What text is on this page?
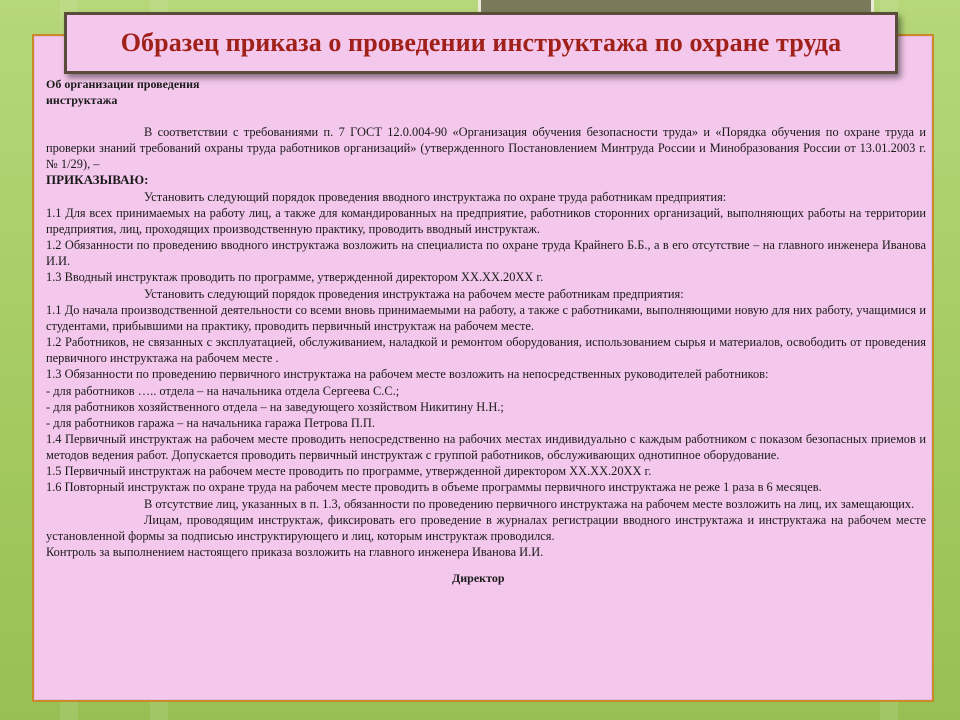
Об организации проведения
инструктажа

В соответствии с требованиями п. 7 ГОСТ 12.0.004-90 «Организация обучения безопасности труда» и «Порядка обучения по охране труда и проверки знаний требований охраны труда работников организаций» (утвержденного Постановлением Минтруда России и Минобразования России от 13.01.2003 г. № 1/29), –

ПРИКАЗЫВАЮ:

Установить следующий порядок проведения вводного инструктажа по охране труда работникам предприятия:

1.1 Для всех принимаемых на работу лиц, а также для командированных на предприятие, работников сторонних организаций, выполняющих работы на территории предприятия, лиц, проходящих производственную практику, проводить вводный инструктаж.

1.2 Обязанности по проведению вводного инструктажа возложить на специалиста по охране труда Крайнего Б.Б., а в его отсутствие – на главного инженера Иванова И.И.

1.3 Вводный инструктаж проводить по программе, утвержденной директором ХХ.ХХ.20ХХ г.

Установить следующий порядок проведения инструктажа на рабочем месте работникам предприятия:

1.1 До начала производственной деятельности со всеми вновь принимаемыми на работу, а также с работниками, выполняющими новую для них работу, учащимися и студентами, прибывшими на практику, проводить первичный инструктаж на рабочем месте.

1.2 Работников, не связанных с эксплуатацией, обслуживанием, наладкой и ремонтом оборудования, использованием сырья и материалов, освободить от проведения первичного инструктажа на рабочем месте .

1.3 Обязанности по проведению первичного инструктажа на рабочем месте возложить на непосредственных руководителей работников:

- для работников ….. отдела – на начальника отдела Сергеева С.С.;

- для работников хозяйственного отдела – на заведующего хозяйством Никитину Н.Н.;

- для работников гаража – на начальника гаража Петрова П.П.

1.4 Первичный инструктаж на рабочем месте проводить непосредственно на рабочих местах индивидуально с каждым работником с показом безопасных приемов и методов ведения работ. Допускается проводить первичный инструктаж с группой работников, обслуживающих однотипное оборудование.

1.5 Первичный инструктаж на рабочем месте проводить по программе, утвержденной директором ХХ.ХХ.20ХХ г.

1.6 Повторный инструктаж по охране труда на рабочем месте проводить в объеме программы первичного инструктажа не реже 1 раза в 6 месяцев.

В отсутствие лиц, указанных в п. 1.3, обязанности по проведению первичного инструктажа на рабочем месте возложить на лиц, их замещающих.

Лицам, проводящим инструктаж, фиксировать его проведение в журналах регистрации вводного инструктажа и инструктажа на рабочем месте установленной формы за подписью инструктирующего и лиц, которым инструктаж проводился.

Контроль за выполнением настоящего приказа возложить на главного инженера Иванова И.И.

Директор

Образец приказа о проведении инструктажа по охране труда
